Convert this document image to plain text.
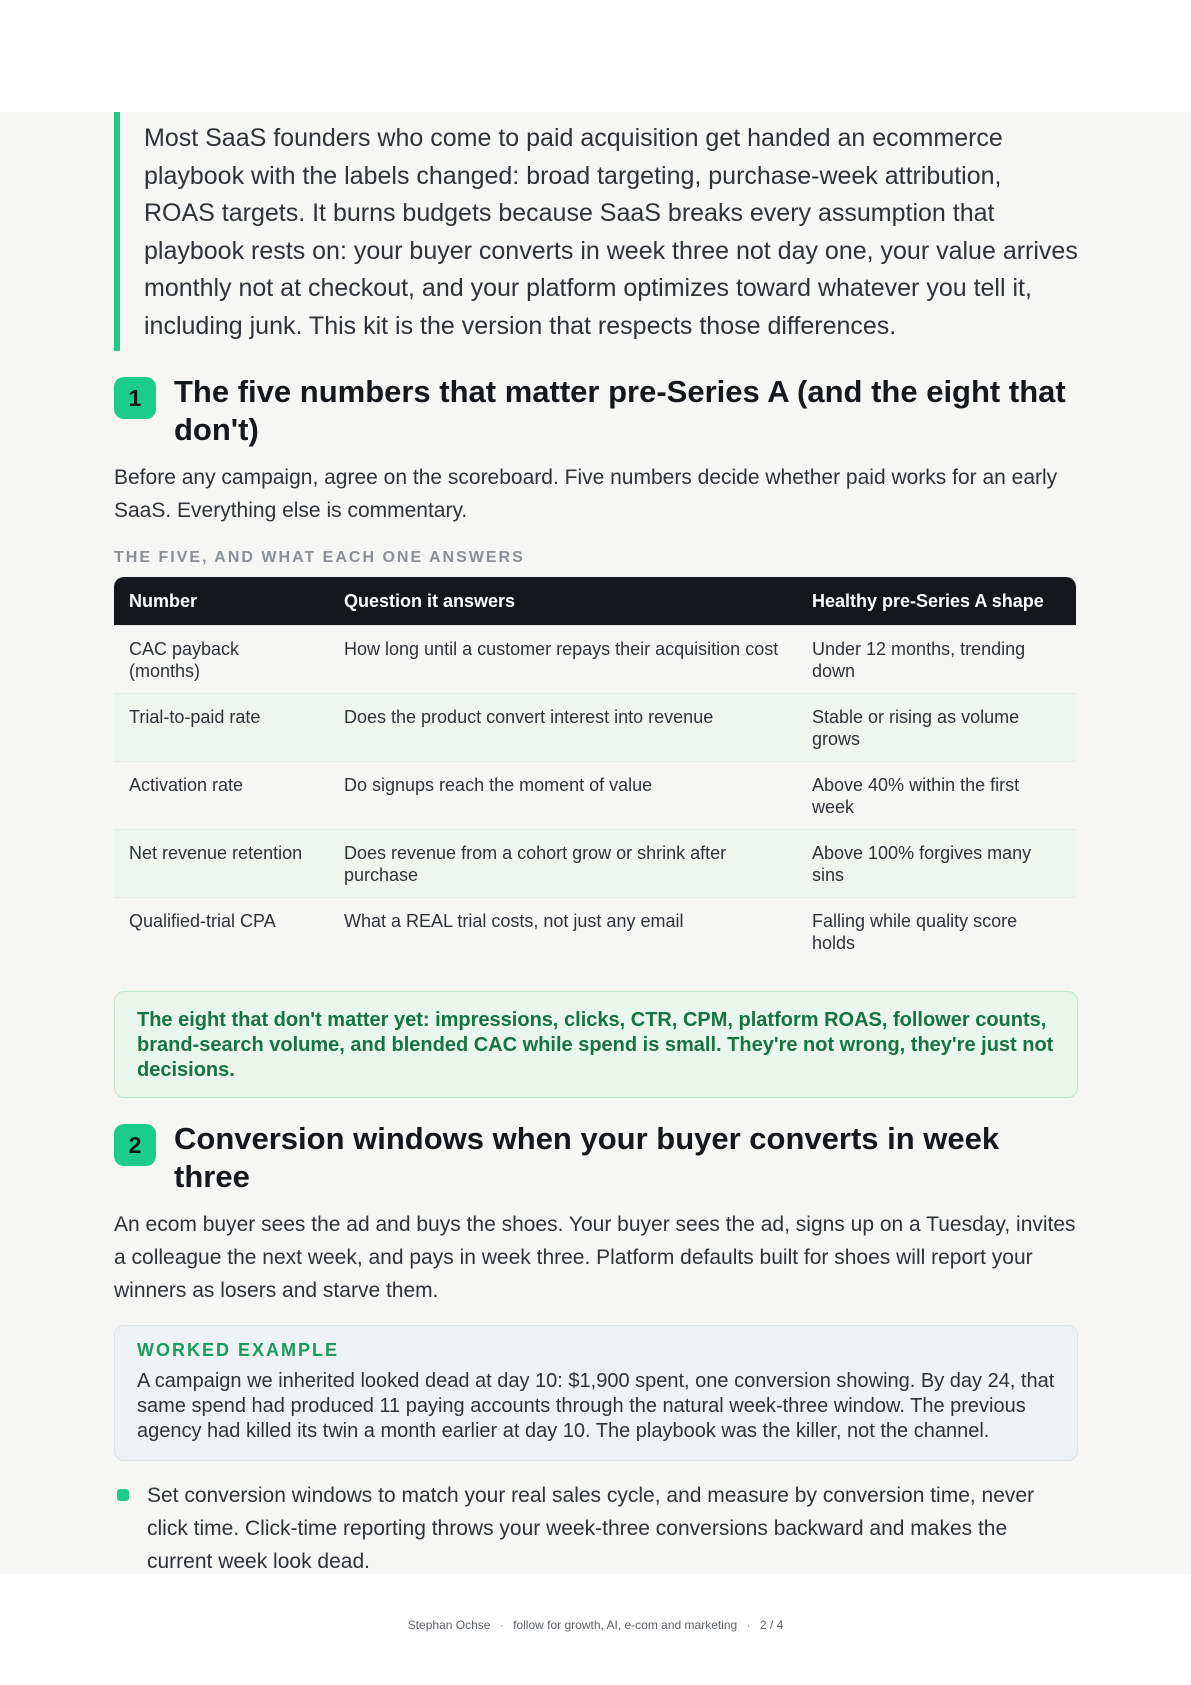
Most SaaS founders who come to paid acquisition get handed an ecommerce playbook with the labels changed: broad targeting, purchase-week attribution, ROAS targets. It burns budgets because SaaS breaks every assumption that playbook rests on: your buyer converts in week three not day one, your value arrives monthly not at checkout, and your platform optimizes toward whatever you tell it, including junk. This kit is the version that respects those differences.

1	The five numbers that matter pre-Series A (and the eight that don't)

Before any campaign, agree on the scoreboard. Five numbers decide whether paid works for an early SaaS. Everything else is commentary.

THE FIVE, AND WHAT EACH ONE ANSWERS
Number	Question it answers	Healthy pre-Series A shape
CAC payback (months)	How long until a customer repays their acquisition cost	Under 12 months, trending down
Trial-to-paid rate	Does the product convert interest into revenue	Stable or rising as volume grows
Activation rate	Do signups reach the moment of value	Above 40% within the first week
Net revenue retention	Does revenue from a cohort grow or shrink after purchase	Above 100% forgives many sins
Qualified-trial CPA	What a REAL trial costs, not just any email	Falling while quality score holds
The eight that don't matter yet: impressions, clicks, CTR, CPM, platform ROAS, follower counts, brand-search volume, and blended CAC while spend is small. They're not wrong, they're just not decisions.
2	Conversion windows when your buyer converts in week three

An ecom buyer sees the ad and buys the shoes. Your buyer sees the ad, signs up on a Tuesday, invites a colleague the next week, and pays in week three. Platform defaults built for shoes will report your winners as losers and starve them.

WORKED EXAMPLE
A campaign we inherited looked dead at day 10: $1,900 spent, one conversion showing. By day 24, that same spend had produced 11 paying accounts through the natural week-three window. The previous agency had killed its twin a month earlier at day 10. The playbook was the killer, not the channel.
Set conversion windows to match your real sales cycle, and measure by conversion time, never click time. Click-time reporting throws your week-three conversions backward and makes the current week look dead.
Stephan Ochse · follow for growth, AI, e-com and marketing · 2 / 4
